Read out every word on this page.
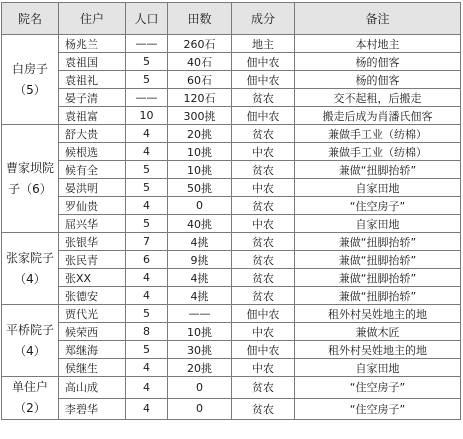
院名	住户	人口	田数	成分	备注
白房子（5）	杨兆兰	——	260石	地主	本村地主
	袁祖国	5	40石	佃中农	杨的佃客
	袁祖礼	5	60石	佃中农	杨的佃客
	晏子清	——	120石	贫农	交不起租，后搬走
	袁祖富	10	300挑	佃中农	搬走后成为肖潘氏佃客
曹家坝院子（6）	舒大贵	4	20挑	贫农	兼做手工业（纺棉）
	候根选	4	10挑	中农	兼做手工业（纺棉）
	候有全	5	10挑	贫农	兼做“扭脚抬轿”
	晏洪明	5	50挑	中农	自家田地
	罗仙贵	4	0	贫农	“住空房子”
	屈兴华	5	40挑	中农	自家田地
张家院子（4）	张银华	7	4挑	贫农	兼做“扭脚抬轿”
	张民青	6	9挑	贫农	兼做“扭脚抬轿”
	张XX	4	4挑	贫农	兼做“扭脚抬轿”
	张德安	4	4挑	贫农	兼做“扭脚抬轿”
平桥院子（4）	贾代光	5	——	佃中农	租外村吴姓地主的地
	候荣西	8	10挑	中农	兼做木匠
	郑继海	5	30挑	佃中农	租外村吴姓地主的地
	侯继生	4	20挑	中农	自家田地
单住户（2）	高山成	4	0	贫农	“住空房子”
	李碧华	4	0	贫农	“住空房子”
